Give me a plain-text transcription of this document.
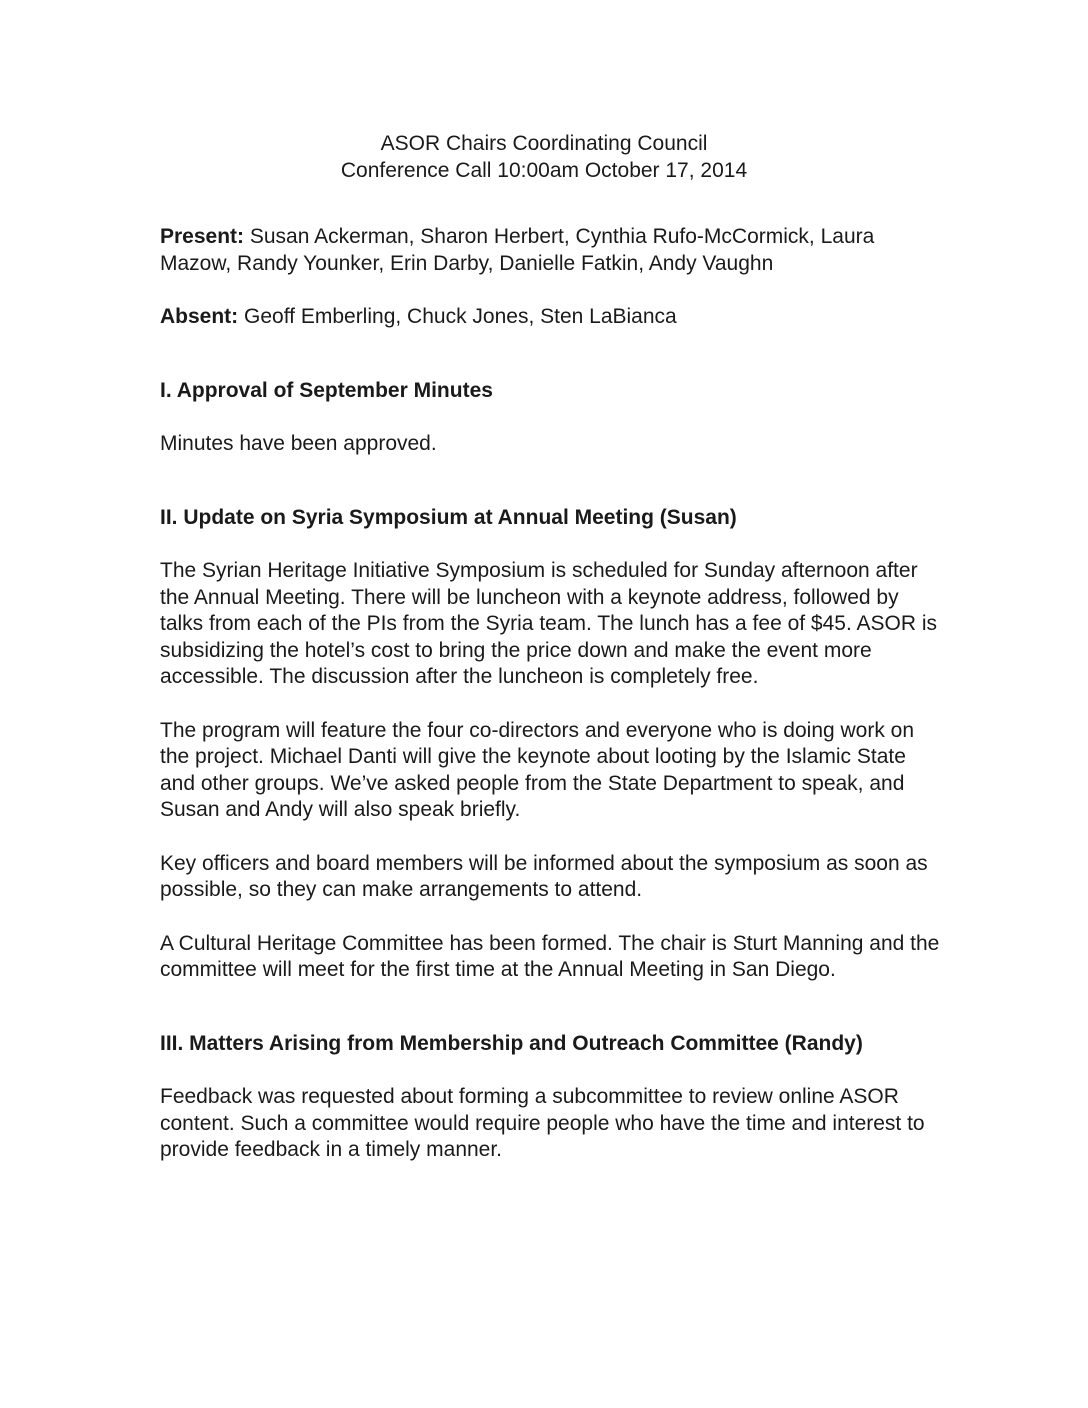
ASOR Chairs Coordinating Council
Conference Call 10:00am October 17, 2014

Present: Susan Ackerman, Sharon Herbert, Cynthia Rufo-McCormick, Laura Mazow, Randy Younker, Erin Darby, Danielle Fatkin, Andy Vaughn

Absent: Geoff Emberling, Chuck Jones, Sten LaBianca

I. Approval of September Minutes

Minutes have been approved.

II. Update on Syria Symposium at Annual Meeting (Susan)

The Syrian Heritage Initiative Symposium is scheduled for Sunday afternoon after the Annual Meeting. There will be luncheon with a keynote address, followed by talks from each of the PIs from the Syria team. The lunch has a fee of $45. ASOR is subsidizing the hotel’s cost to bring the price down and make the event more accessible. The discussion after the luncheon is completely free.

The program will feature the four co-directors and everyone who is doing work on the project. Michael Danti will give the keynote about looting by the Islamic State and other groups. We’ve asked people from the State Department to speak, and Susan and Andy will also speak briefly.

Key officers and board members will be informed about the symposium as soon as possible, so they can make arrangements to attend.

A Cultural Heritage Committee has been formed. The chair is Sturt Manning and the committee will meet for the first time at the Annual Meeting in San Diego.

III. Matters Arising from Membership and Outreach Committee (Randy)

Feedback was requested about forming a subcommittee to review online ASOR content. Such a committee would require people who have the time and interest to provide feedback in a timely manner.
